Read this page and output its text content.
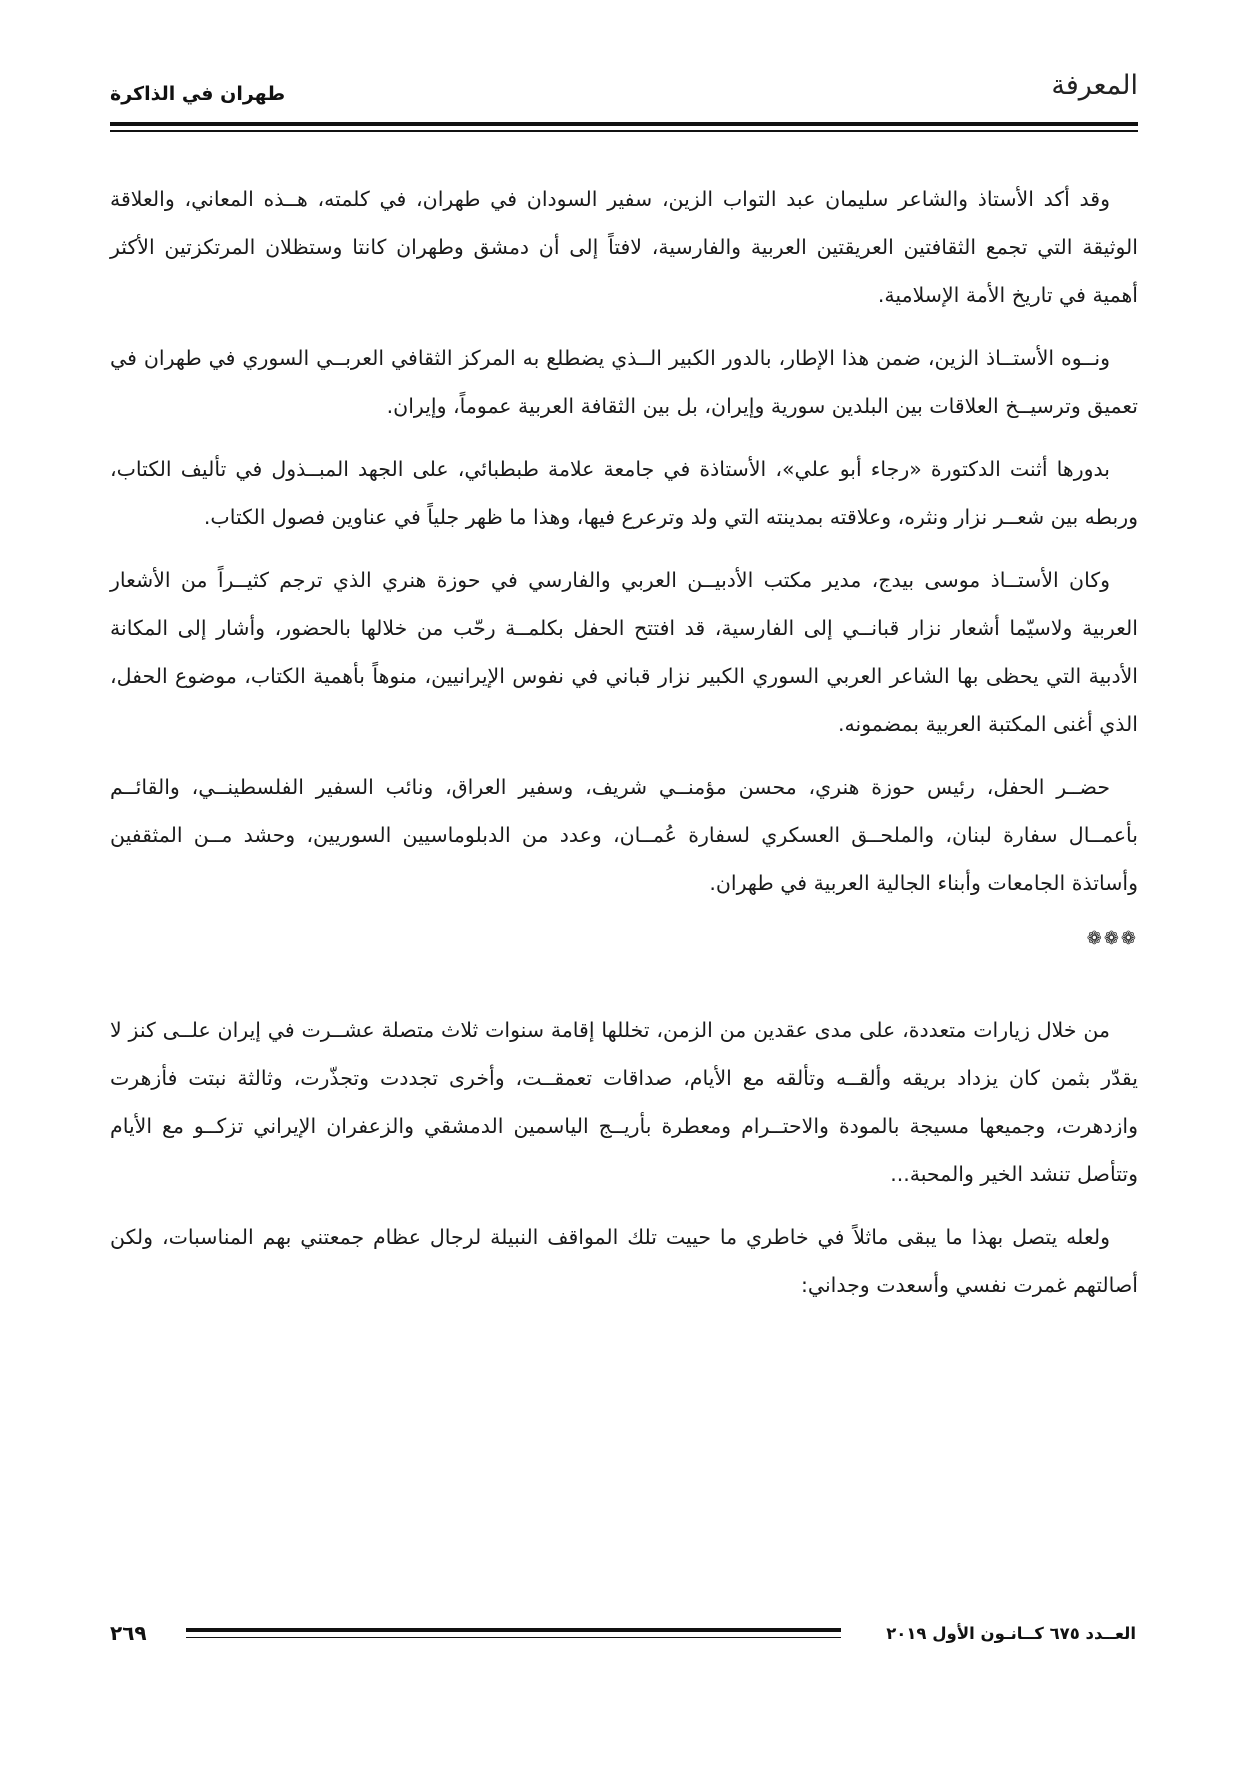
المعرفة
طهران في الذاكرة

وقد أكد الأستاذ والشاعر سليمان عبد التواب الزين، سفير السودان في طهران، في كلمته، هــذه المعاني، والعلاقة الوثيقة التي تجمع الثقافتين العريقتين العربية والفارسية، لافتاً إلى أن دمشق وطهران كانتا وستظلان المرتكزتين الأكثر أهمية في تاريخ الأمة الإسلامية.

ونــوه الأستــاذ الزين، ضمن هذا الإطار، بالدور الكبير الــذي يضطلع به المركز الثقافي العربــي السوري في طهران في تعميق وترسيــخ العلاقات بين البلدين سورية وإيران، بل بين الثقافة العربية عموماً، وإيران.

بدورها أثنت الدكتورة «رجاء أبو علي»، الأستاذة في جامعة علامة طبطبائي، على الجهد المبــذول في تأليف الكتاب، وربطه بين شعــر نزار ونثره، وعلاقته بمدينته التي ولد وترعرع فيها، وهذا ما ظهر جلياً في عناوين فصول الكتاب.

وكان الأستــاذ موسى بيدج، مدير مكتب الأدبيــن العربي والفارسي في حوزة هنري الذي ترجم كثيــراً من الأشعار العربية ولاسيّما أشعار نزار قبانــي إلى الفارسية، قد افتتح الحفل بكلمــة رحّب من خلالها بالحضور، وأشار إلى المكانة الأدبية التي يحظى بها الشاعر العربي السوري الكبير نزار قباني في نفوس الإيرانيين، منوهاً بأهمية الكتاب، موضوع الحفل، الذي أغنى المكتبة العربية بمضمونه.

حضــر الحفل، رئيس حوزة هنري، محسن مؤمنــي شريف، وسفير العراق، ونائب السفير الفلسطينــي، والقائــم بأعمــال سفارة لبنان، والملحــق العسكري لسفارة عُمــان، وعدد من الدبلوماسيين السوريين، وحشد مــن المثقفين وأساتذة الجامعات وأبناء الجالية العربية في طهران.

❁❁❁

من خلال زيارات متعددة، على مدى عقدين من الزمن، تخللها إقامة سنوات ثلاث متصلة عشــرت في إيران علــى كنز لا يقدّر بثمن كان يزداد بريقه وألقــه وتألقه مع الأيام، صداقات تعمقــت، وأخرى تجددت وتجذّرت، وثالثة نبتت فأزهرت وازدهرت، وجميعها مسيجة بالمودة والاحتــرام ومعطرة بأريــج الياسمين الدمشقي والزعفران الإيراني تزكــو مع الأيام وتتأصل تنشد الخير والمحبة...

ولعله يتصل بهذا ما يبقى ماثلاً في خاطري ما حييت تلك المواقف النبيلة لرجال عظام جمعتني بهم المناسبات، ولكن أصالتهم غمرت نفسي وأسعدت وجداني:

العــدد ٦٧٥ كــانـون الأول ٢٠١٩
٢٦٩
